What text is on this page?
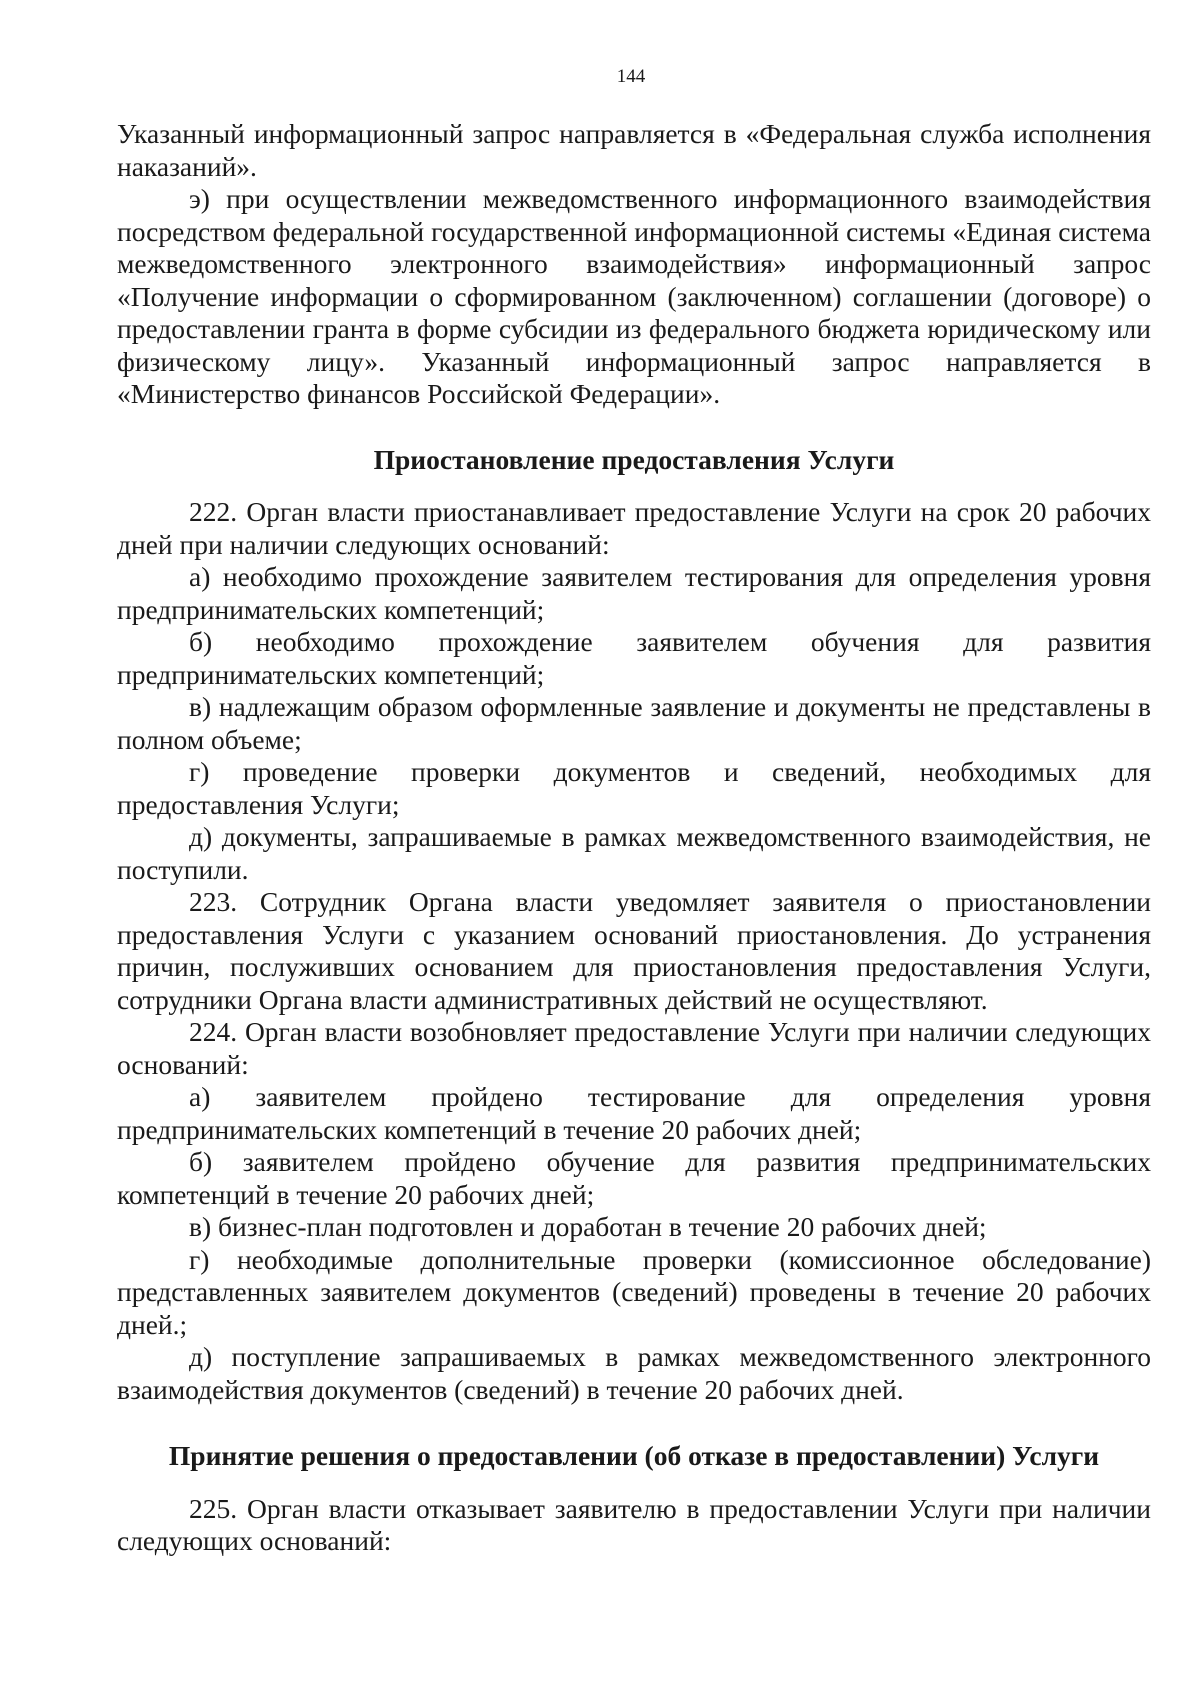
144

Указанный информационный запрос направляется в «Федеральная служба исполнения наказаний».

э) при осуществлении межведомственного информационного взаимодействия посредством федеральной государственной информационной системы «Единая система межведомственного электронного взаимодействия» информационный запрос «Получение информации о сформированном (заключенном) соглашении (договоре) о предоставлении гранта в форме субсидии из федерального бюджета юридическому или физическому лицу». Указанный информационный запрос направляется в «Министерство финансов Российской Федерации».

Приостановление предоставления Услуги

222. Орган власти приостанавливает предоставление Услуги на срок 20 рабочих дней при наличии следующих оснований:

а) необходимо прохождение заявителем тестирования для определения уровня предпринимательских компетенций;

б) необходимо прохождение заявителем обучения для развития предпринимательских компетенций;

в) надлежащим образом оформленные заявление и документы не представлены в полном объеме;

г) проведение проверки документов и сведений, необходимых для предоставления Услуги;

д) документы, запрашиваемые в рамках межведомственного взаимодействия, не поступили.

223. Сотрудник Органа власти уведомляет заявителя о приостановлении предоставления Услуги с указанием оснований приостановления. До устранения причин, послуживших основанием для приостановления предоставления Услуги, сотрудники Органа власти административных действий не осуществляют.

224. Орган власти возобновляет предоставление Услуги при наличии следующих оснований:

а) заявителем пройдено тестирование для определения уровня предпринимательских компетенций в течение 20 рабочих дней;

б) заявителем пройдено обучение для развития предпринимательских компетенций в течение 20 рабочих дней;

в) бизнес-план подготовлен и доработан в течение 20 рабочих дней;

г) необходимые дополнительные проверки (комиссионное обследование) представленных заявителем документов (сведений) проведены в течение 20 рабочих дней.;

д) поступление запрашиваемых в рамках межведомственного электронного взаимодействия документов (сведений) в течение 20 рабочих дней.

Принятие решения о предоставлении (об отказе в предоставлении) Услуги

225. Орган власти отказывает заявителю в предоставлении Услуги при наличии следующих оснований:
